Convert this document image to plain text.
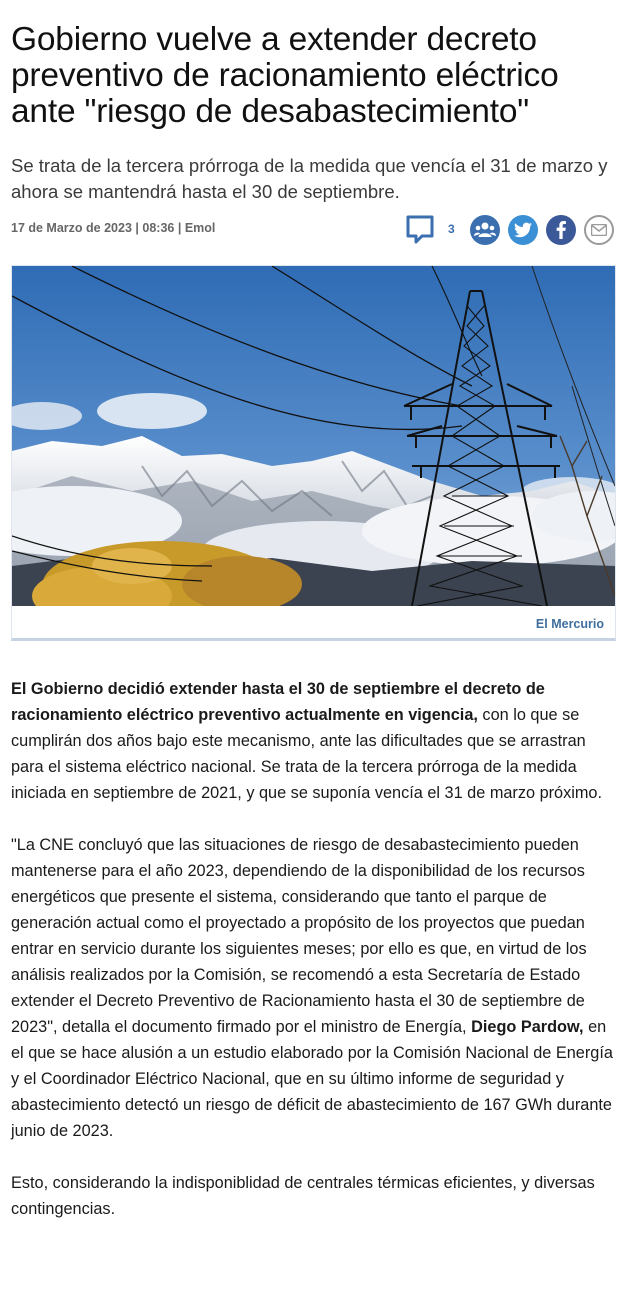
Gobierno vuelve a extender decreto preventivo de racionamiento eléctrico ante "riesgo de desabastecimiento"
Se trata de la tercera prórroga de la medida que vencía el 31 de marzo y ahora se mantendrá hasta el 30 de septiembre.
17 de Marzo de 2023 | 08:36 | Emol	3
El Mercurio

El Gobierno decidió extender hasta el 30 de septiembre el decreto de racionamiento eléctrico preventivo actualmente en vigencia, con lo que se cumplirán dos años bajo este mecanismo, ante las dificultades que se arrastran para el sistema eléctrico nacional. Se trata de la tercera prórroga de la medida iniciada en septiembre de 2021, y que se suponía vencía el 31 de marzo próximo.

"La CNE concluyó que las situaciones de riesgo de desabastecimiento pueden mantenerse para el año 2023, dependiendo de la disponibilidad de los recursos energéticos que presente el sistema, considerando que tanto el parque de generación actual como el proyectado a propósito de los proyectos que puedan entrar en servicio durante los siguientes meses; por ello es que, en virtud de los análisis realizados por la Comisión, se recomendó a esta Secretaría de Estado extender el Decreto Preventivo de Racionamiento hasta el 30 de septiembre de 2023", detalla el documento firmado por el ministro de Energía, Diego Pardow, en el que se hace alusión a un estudio elaborado por la Comisión Nacional de Energía y el Coordinador Eléctrico Nacional, que en su último informe de seguridad y abastecimiento detectó un riesgo de déficit de abastecimiento de 167 GWh durante junio de 2023.

Esto, considerando la indisponiblidad de centrales térmicas eficientes, y diversas contingencias.
